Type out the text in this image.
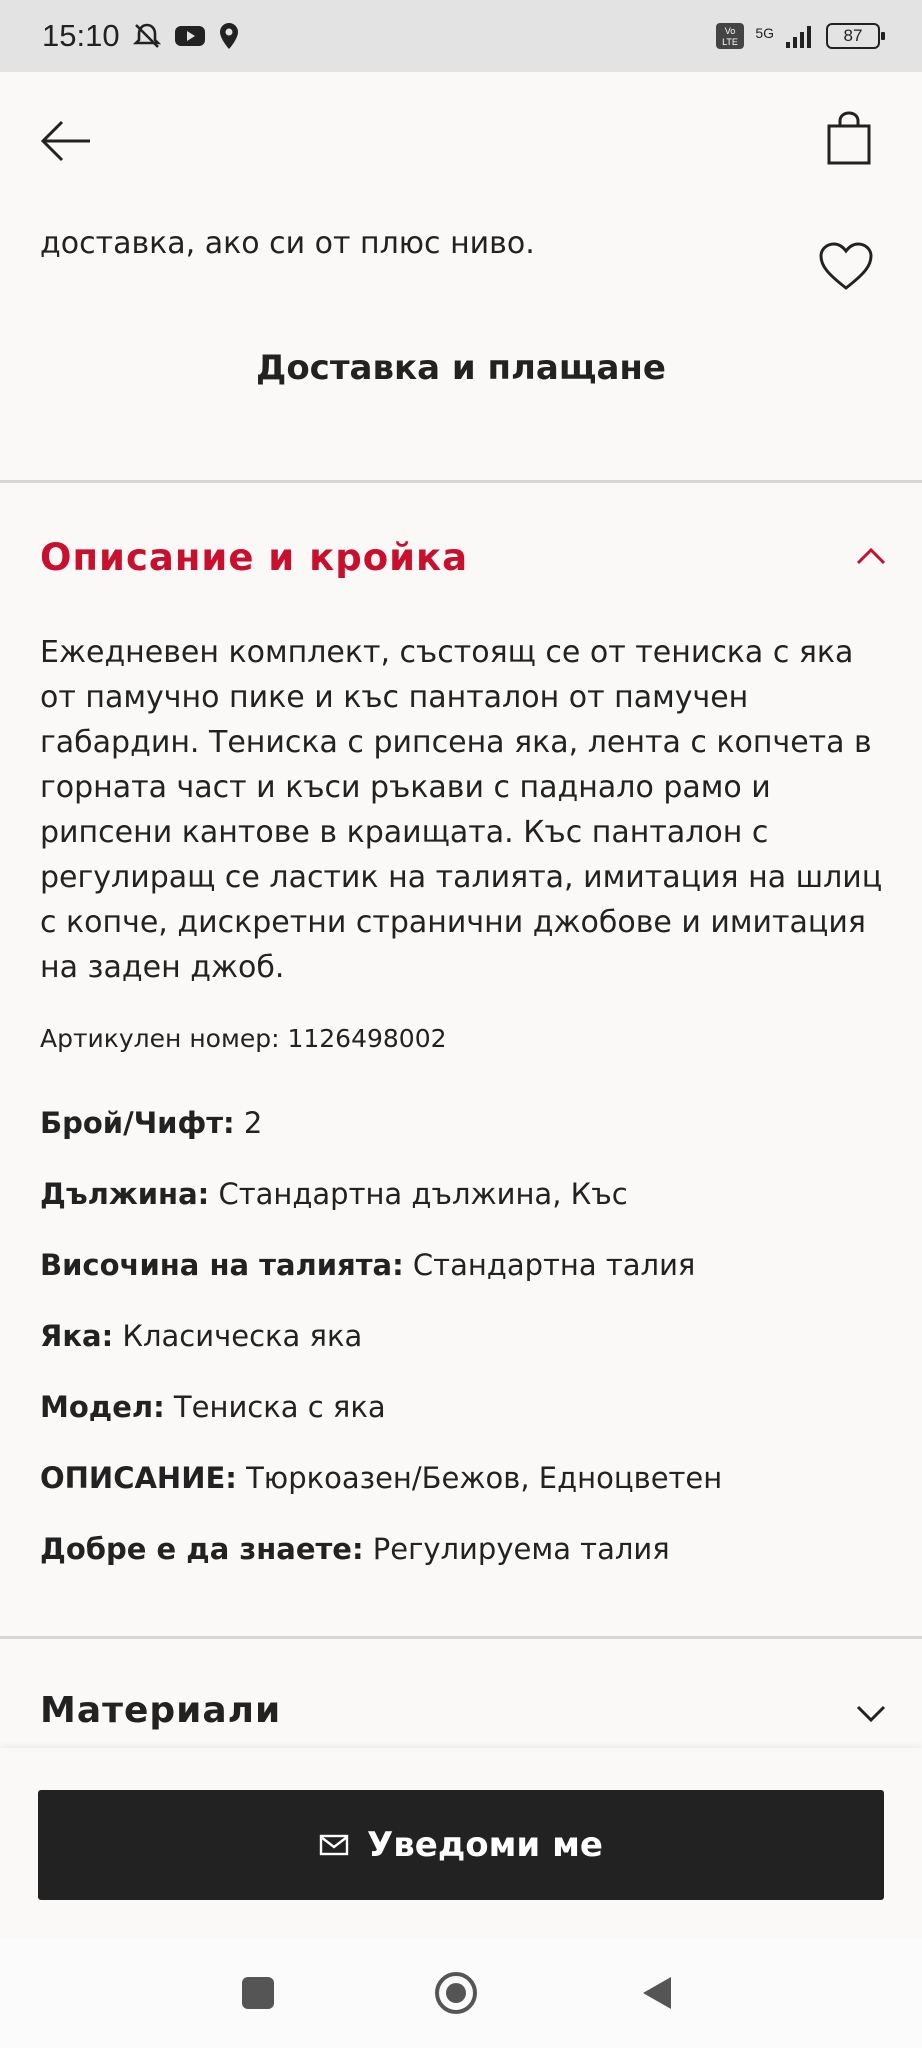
15:10	Vo
LTE
5G	87
доставка, ако си от плюс ниво.
Доставка и плащане
Описание и кройка
Ежедневен комплект, състоящ се от тениска с яка от памучно пике и къс панталон от памучен габардин. Тениска с рипсена яка, лента с копчета в горната част и къси ръкави с паднало рамо и рипсени кантове в краищата. Къс панталон с регулиращ се ластик на талията, имитация на шлиц с копче, дискретни странични джобове и имитация на заден джоб.
Артикулен номер: 1126498002
Брой/Чифт: 2
Дължина: Стандартна дължина, Къс
Височина на талията: Стандартна талия
Яка: Класическа яка
Модел: Тениска с яка
ОПИСАНИЕ: Тюркоазен/Бежов, Едноцветен
Добре е да знаете: Регулируема талия
Материали
Уведоми ме
